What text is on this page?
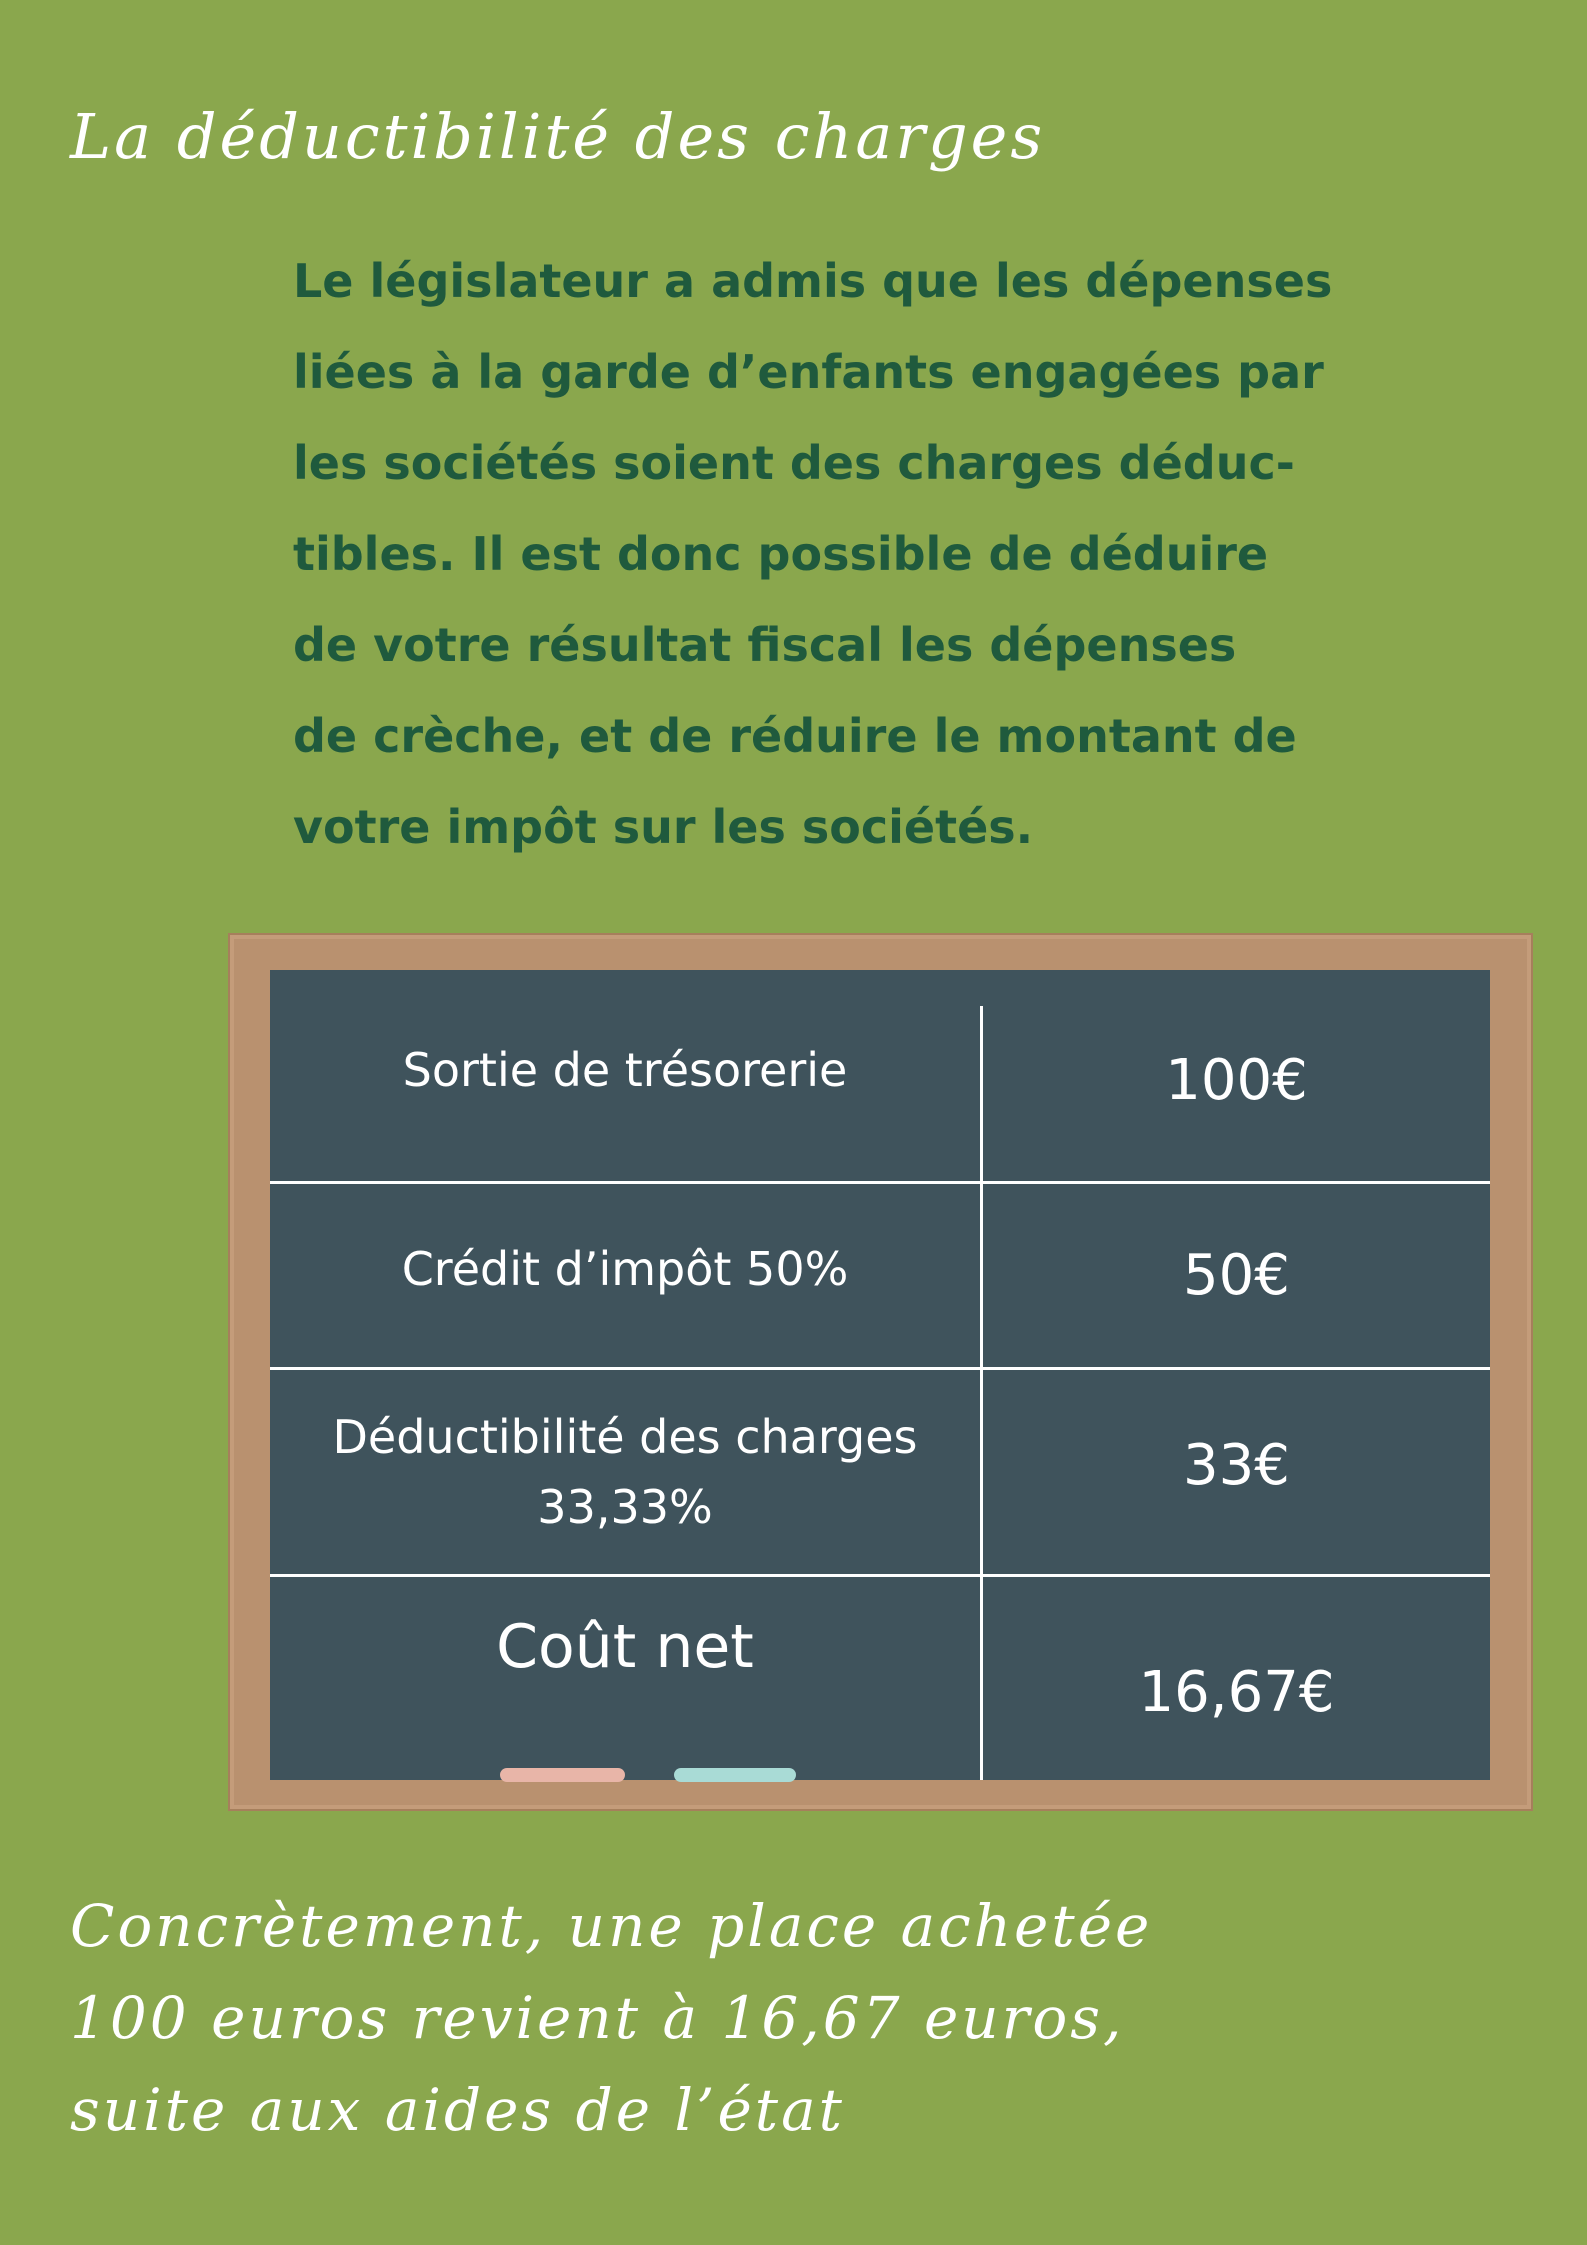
La déductibilité des charges

Le législateur a admis que les dépenses
liées à la garde d’enfants engagées par
les sociétés soient des charges déduc-
tibles. Il est donc possible de déduire
de votre résultat fiscal les dépenses
de crèche, et de réduire le montant de
votre impôt sur les sociétés.

Sortie de trésorerie	100€
Crédit d’impôt 50%	50€
Déductibilité des charges
33,33%
33€
Coût net
16,67€

Concrètement, une place achetée
100 euros revient à 16,67 euros,
suite aux aides de l’état
